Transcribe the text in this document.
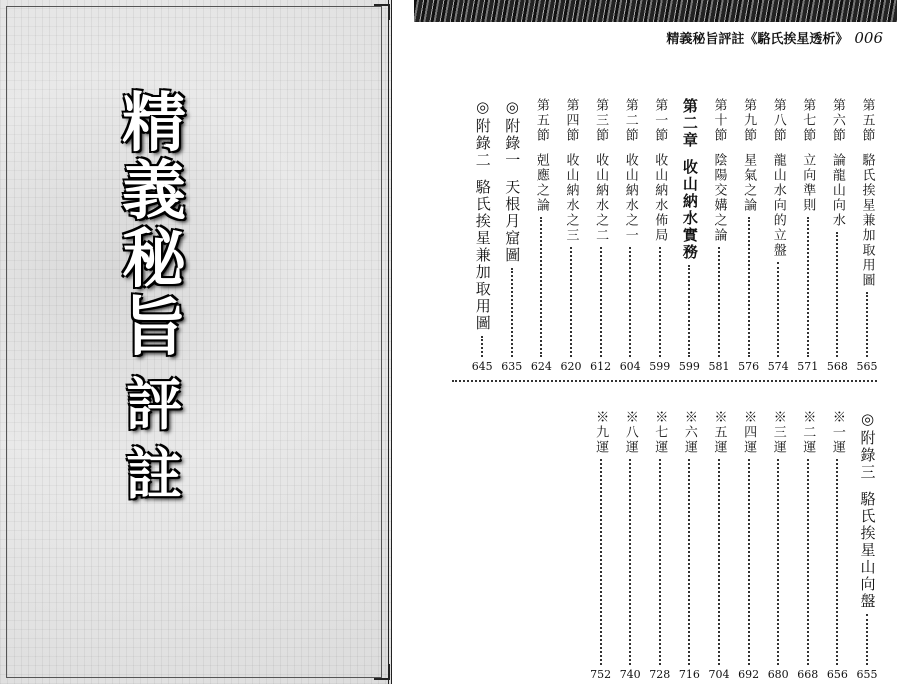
精
義
秘
旨
評
註
精義秘旨評註《駱氏挨星透析》 006
第五節
駱氏挨星兼加取用圖
565
第六節
論龍山向水
568
第七節
立向準則
571
第八節
龍山水向的立盤
574
第九節
星氣之論
576
第十節
陰陽交媾之論
581
第二章
收山納水實務
599
第一節
收山納水佈局
599
第二節
收山納水之一
604
第三節
收山納水之二
612
第四節
收山納水之三
620
第五節
剋應之論
624
◎附錄一
天根月窟圖
635
◎附錄二
駱氏挨星兼加取用圖
645
◎附錄三
駱氏挨星山向盤
655
※一運
656
※二運
668
※三運
680
※四運
692
※五運
704
※六運
716
※七運
728
※八運
740
※九運
752
